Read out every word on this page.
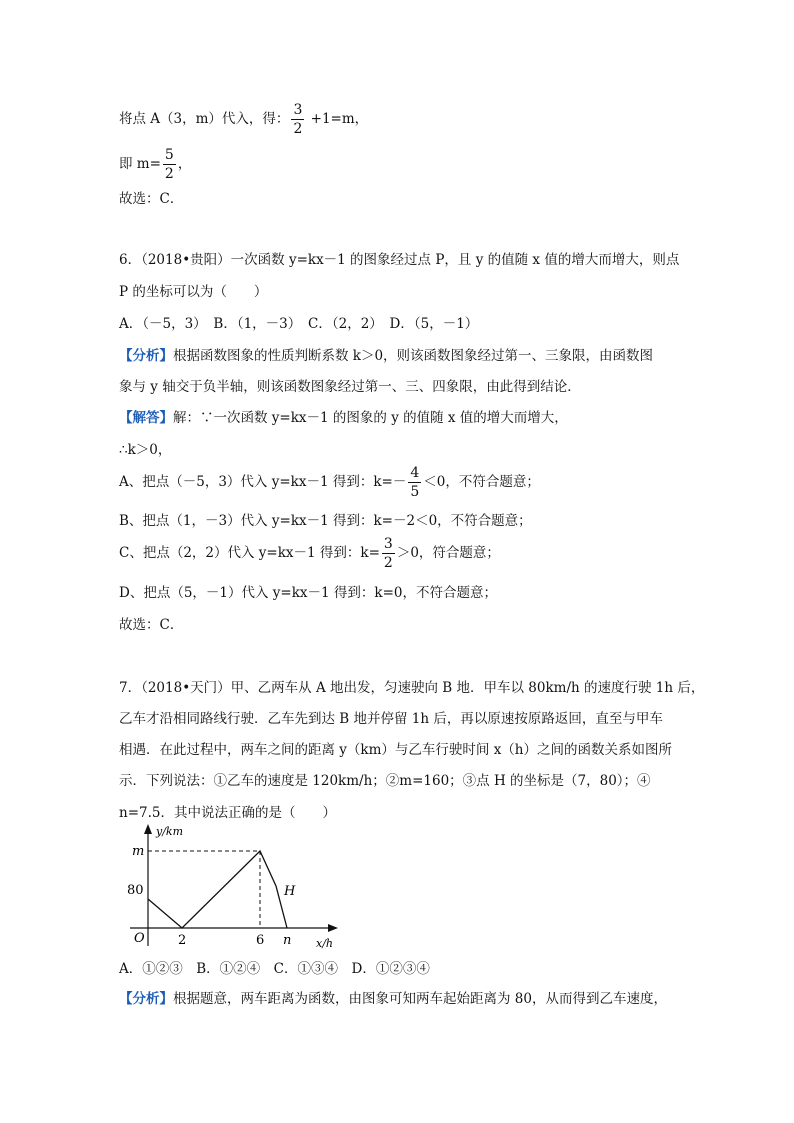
将点 A（3，m）代入，得： $\frac{3}{2} +1=m$，
即 $m= \frac{5}{2}$ ，
故选：C．
6．（2018•贵阳）一次函数 y=kx－1 的图象经过点 P，且 y 的值随 x 值的增大而增大，则点
P 的坐标可以为（　　）
A．（－5，3）　B．（1，－3）　C．（2，2）　D．（5，－1）
【分析】根据函数图象的性质判断系数 k＞0，则该函数图象经过第一、三象限，由函数图
象与 y 轴交于负半轴，则该函数图象经过第一、三、四象限，由此得到结论．
【解答】解：∵一次函数 y=kx－1 的图象的 y 的值随 x 值的增大而增大，
∴k＞0，
A、把点（－5，3）代入 y=kx－1 得到：$k=- \frac{4}{5} <0$，不符合题意；
B、把点（1，－3）代入 y=kx－1 得到：k=－2＜0，不符合题意；
C、把点（2，2）代入 y=kx－1 得到：$k= \frac{3}{2} >0$，符合题意；
D、把点（5，－1）代入 y=kx－1 得到：k=0，不符合题意；
故选：C．
7．（2018•天门）甲、乙两车从 A 地出发，匀速驶向 B 地．甲车以 80km/h 的速度行驶 1h 后，
乙车才沿相同路线行驶．乙车先到达 B 地并停留 1h 后，再以原速按原路返回，直至与甲车
相遇．在此过程中，两车之间的距离 y（km）与乙车行驶时间 x（h）之间的函数关系如图所
示．下列说法：①乙车的速度是 120km/h；②m=160；③点 H 的坐标是（7，80）；④
n=7.5．其中说法正确的是（　　）
y/km
m
80	H
O	2	6 n x/h
A．①②③　B．①②④　C．①③④　D．①②③④
【分析】根据题意，两车距离为函数，由图象可知两车起始距离为 80，从而得到乙车速度，
